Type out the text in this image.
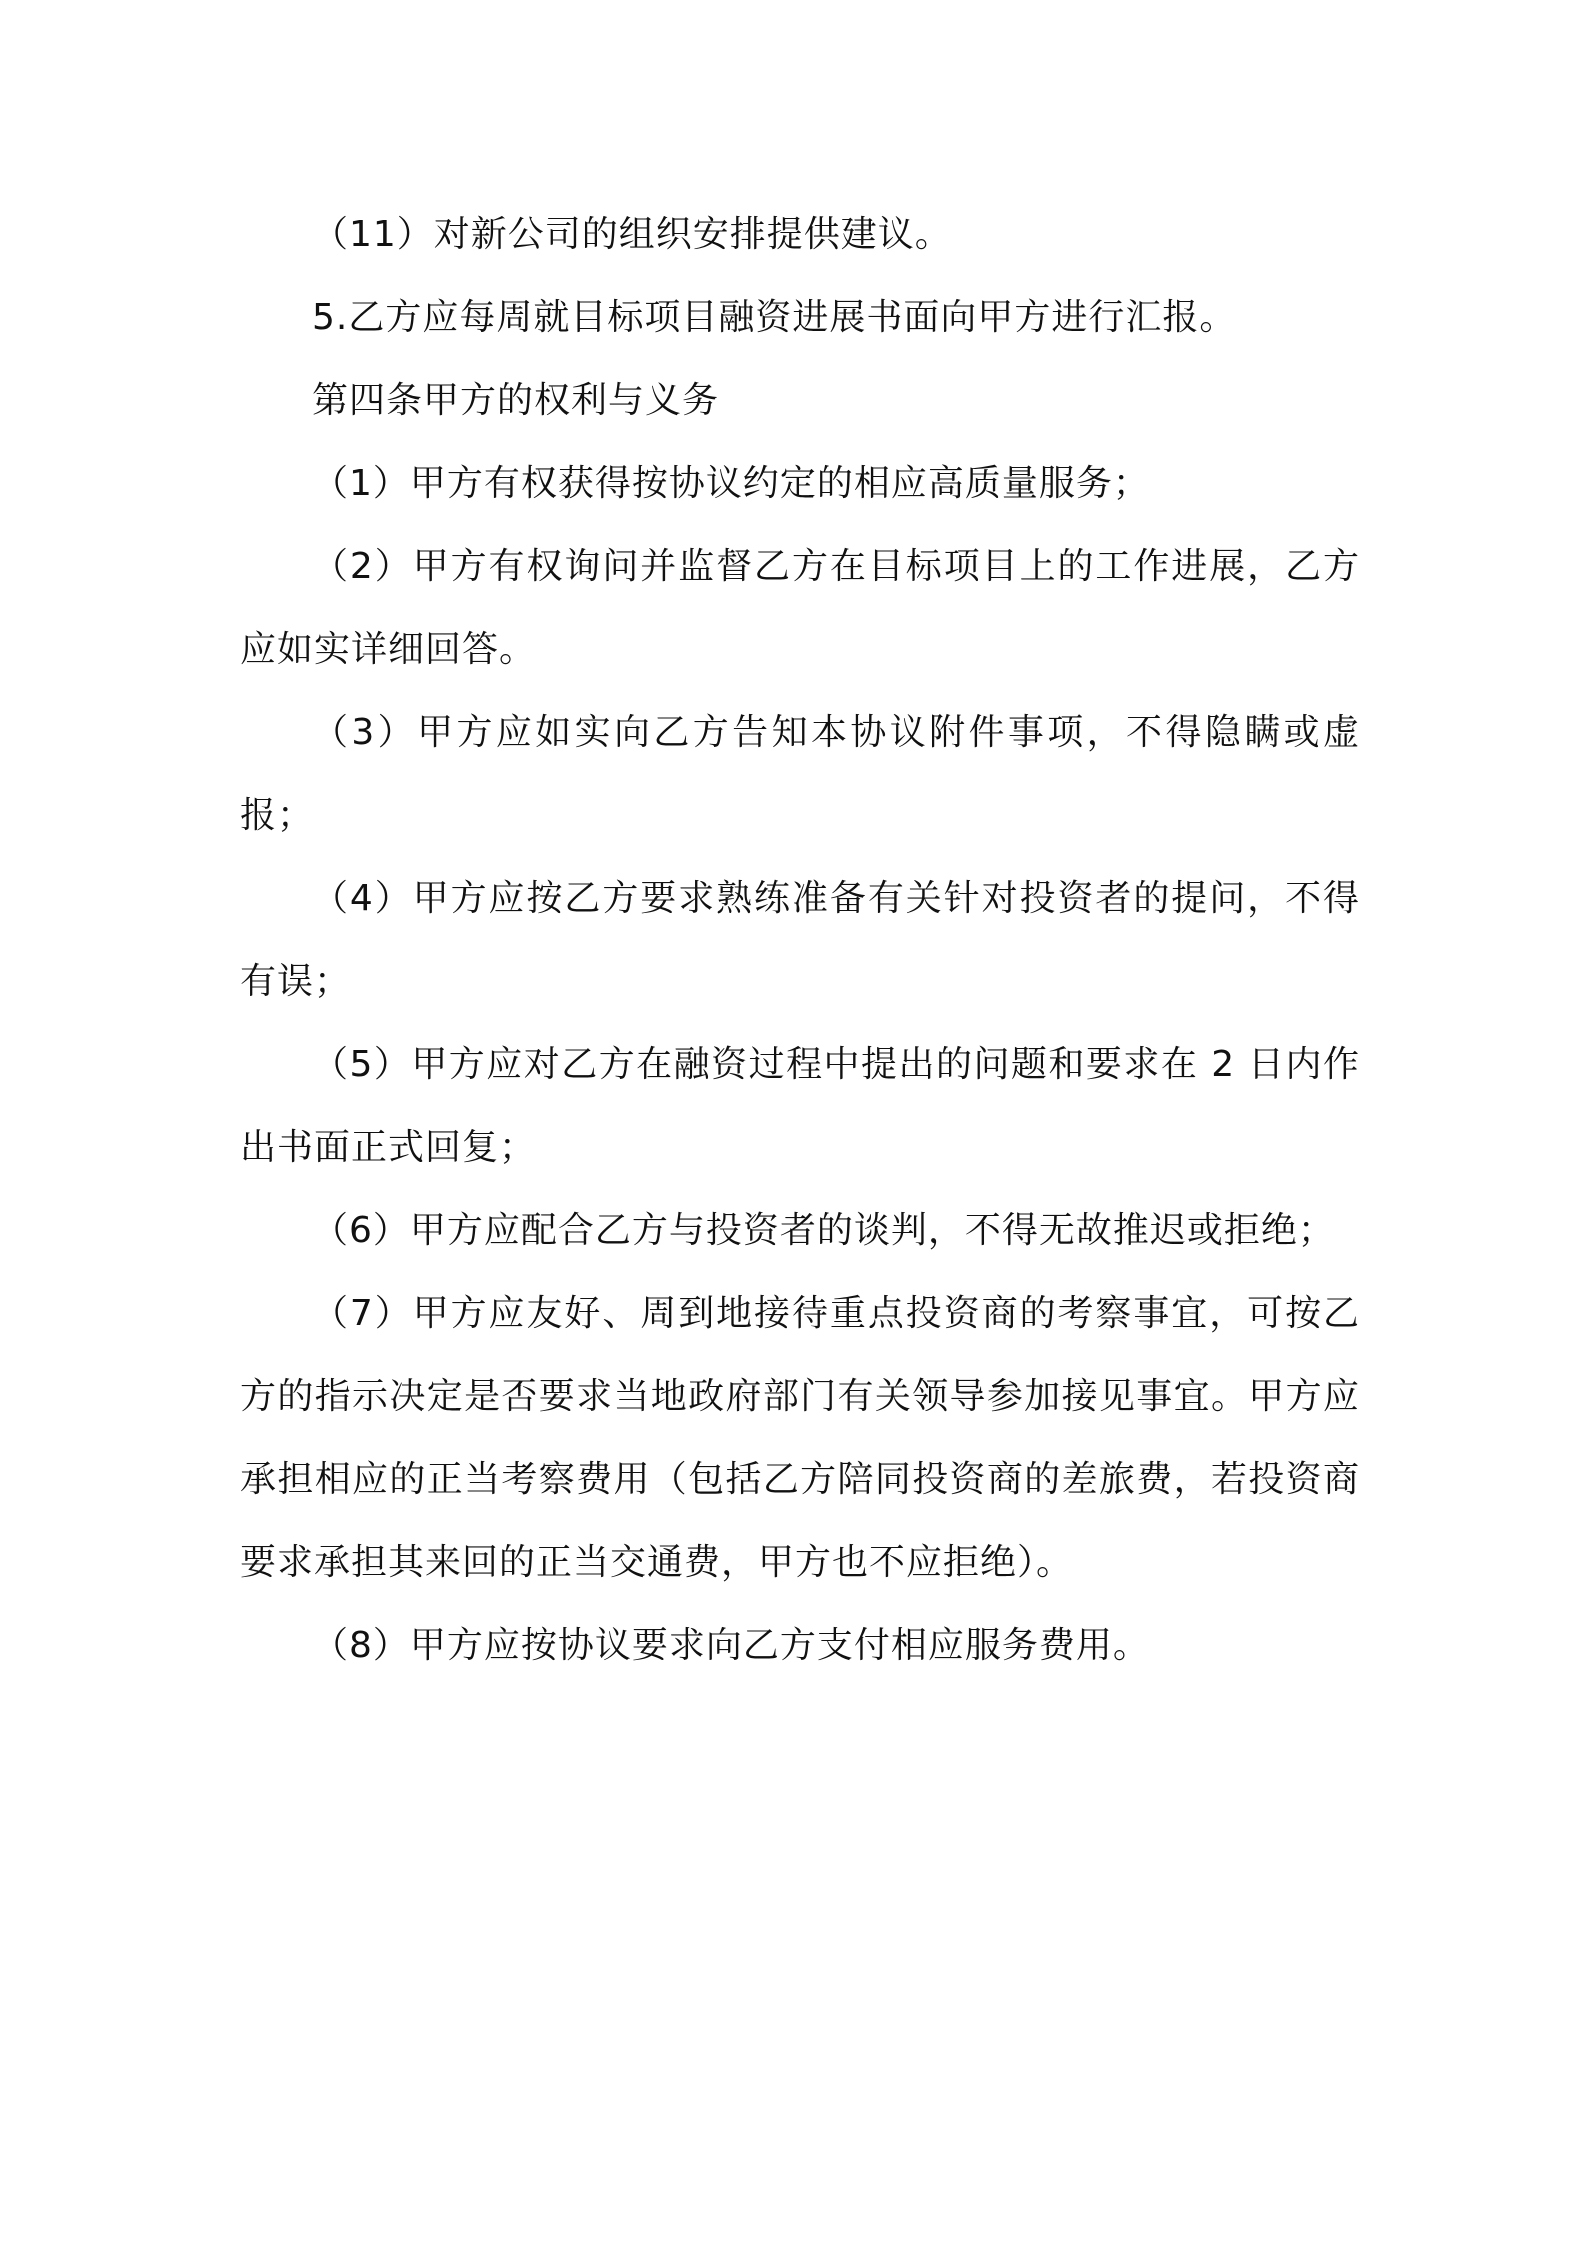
（11）对新公司的组织安排提供建议。

5.乙方应每周就目标项目融资进展书面向甲方进行汇报。

第四条甲方的权利与义务

（1）甲方有权获得按协议约定的相应高质量服务；

（2）甲方有权询问并监督乙方在目标项目上的工作进展，乙方应如实详细回答。

（3）甲方应如实向乙方告知本协议附件事项，不得隐瞒或虚报；

（4）甲方应按乙方要求熟练准备有关针对投资者的提问，不得有误；

（5）甲方应对乙方在融资过程中提出的问题和要求在 2 日内作出书面正式回复；

（6）甲方应配合乙方与投资者的谈判，不得无故推迟或拒绝；

（7）甲方应友好、周到地接待重点投资商的考察事宜，可按乙方的指示决定是否要求当地政府部门有关领导参加接见事宜。甲方应承担相应的正当考察费用（包括乙方陪同投资商的差旅费，若投资商要求承担其来回的正当交通费，甲方也不应拒绝）。

（8）甲方应按协议要求向乙方支付相应服务费用。
